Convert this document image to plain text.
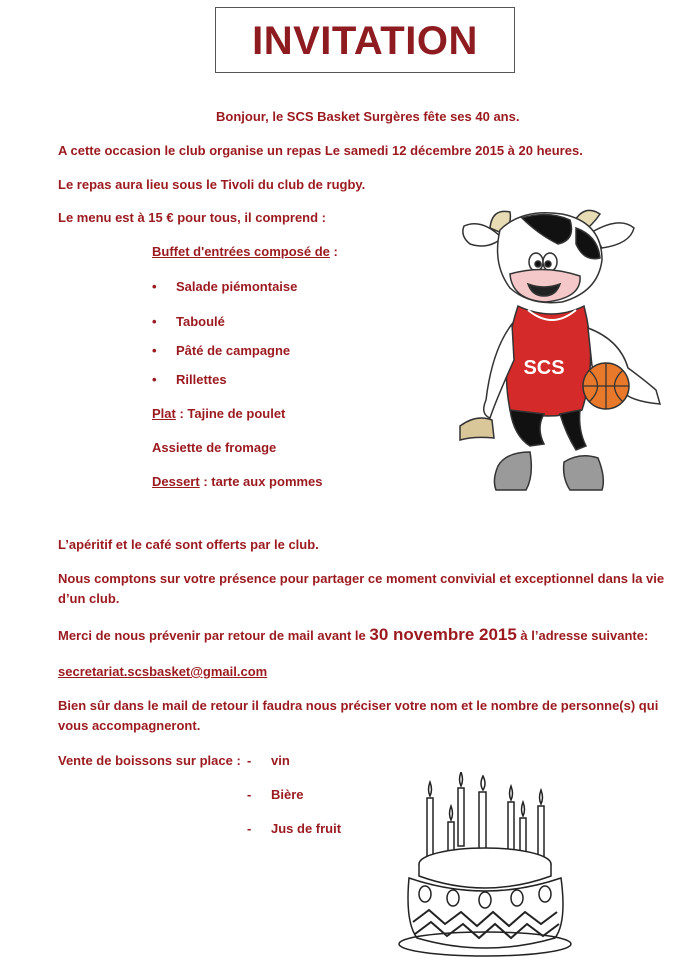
INVITATION
Bonjour, le SCS Basket Surgères fête ses 40 ans.
A cette occasion le club organise un repas Le samedi 12 décembre 2015 à 20 heures.
Le repas aura lieu sous le Tivoli du club de rugby.
Le menu est à 15 € pour tous, il comprend :
Buffet d'entrées composé de :
• Salade piémontaise
• Taboulé
• Pâté de campagne
• Rillettes
Plat : Tajine de poulet
Assiette de fromage
Dessert : tarte aux pommes
L’apéritif et le café sont offerts par le club.
Nous comptons sur votre présence pour partager ce moment convivial et exceptionnel dans la vie
d’un club.
Merci de nous prévenir par retour de mail avant le 30 novembre 2015 à l’adresse suivante:
secretariat.scsbasket@gmail.com
Bien sûr dans le mail de retour il faudra nous préciser votre nom et le nombre de personne(s) qui
vous accompagneront.
Vente de boissons sur place : - vin
- Bière
- Jus de fruit
SCS
